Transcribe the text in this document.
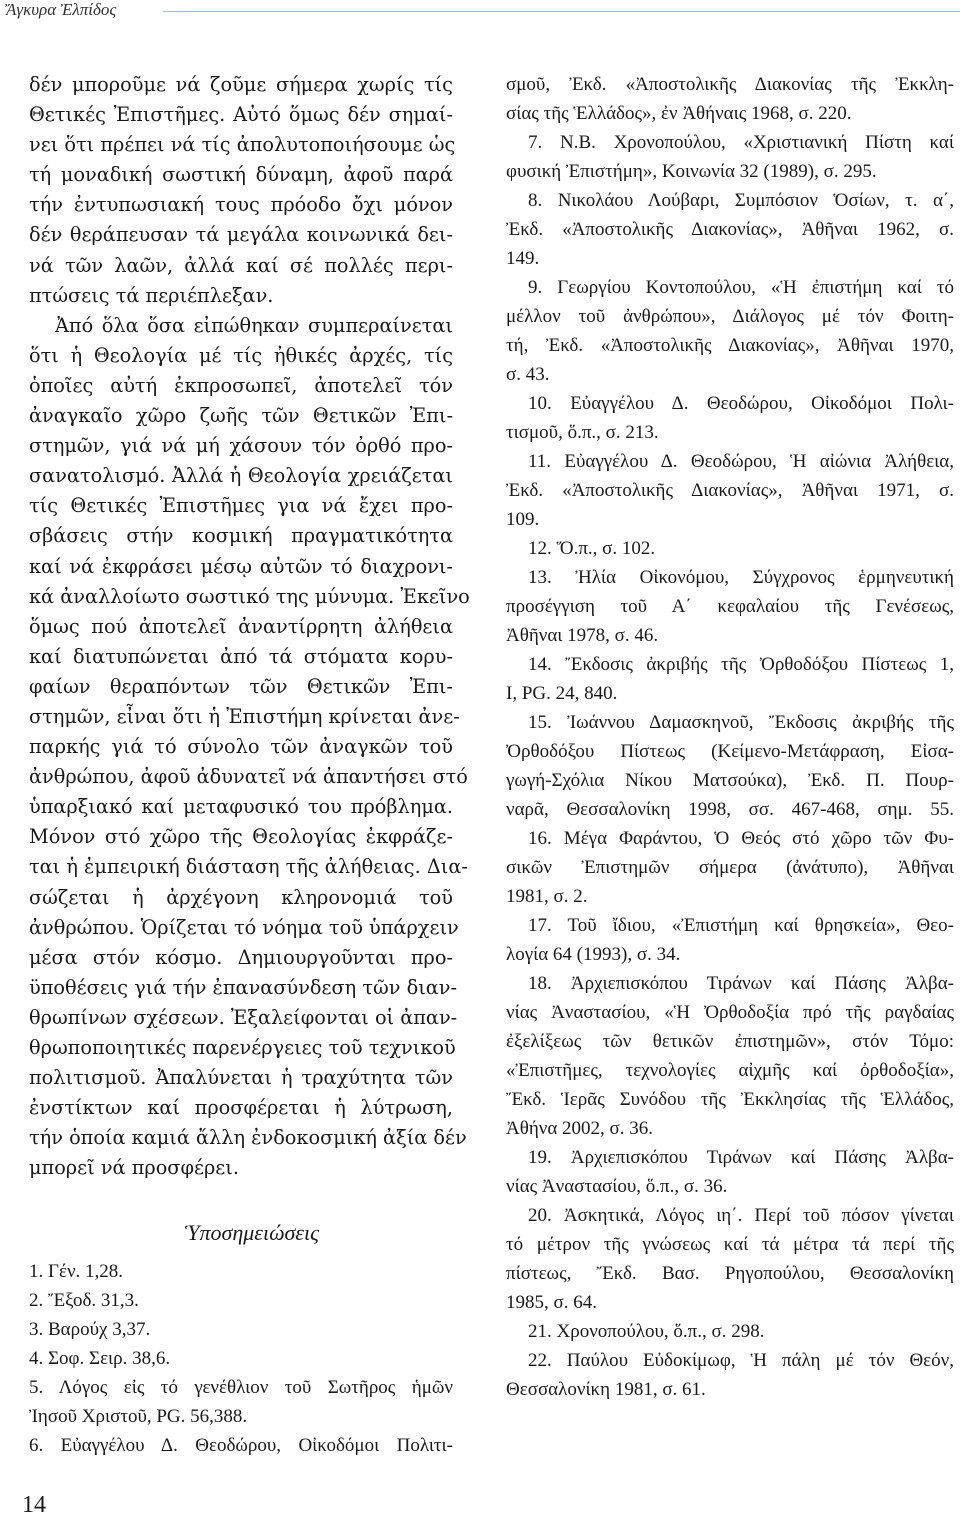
Ἄγκυρα Ἐλπίδος
δέν μποροῦμε νά ζοῦμε σήμερα χωρίς τίς
Θετικές Ἐπιστῆμες. Αὐτό ὅμως δέν σημαί-
νει ὅτι πρέπει νά τίς ἀπολυτοποιήσουμε ὡς
τή μοναδική σωστική δύναμη, ἀφοῦ παρά
τήν ἐντυπωσιακή τους πρόοδο ὄχι μόνον
δέν θεράπευσαν τά μεγάλα κοινωνικά δει-
νά τῶν λαῶν, ἀλλά καί σέ πολλές περι-
πτώσεις τά περιέπλεξαν.
Ἀπό ὅλα ὅσα εἰπώθηκαν συμπεραίνεται
ὅτι ἡ Θεολογία μέ τίς ἠθικές ἀρχές, τίς
ὁποῖες αὐτή ἐκπροσωπεῖ, ἀποτελεῖ τόν
ἀναγκαῖο χῶρο ζωῆς τῶν Θετικῶν Ἐπι-
στημῶν, γιά νά μή χάσουν τόν ὀρθό προ-
σανατολισμό. Ἀλλά ἡ Θεολογία χρειάζεται
τίς Θετικές Ἐπιστῆμες για νά ἔχει προ-
σβάσεις στήν κοσμική πραγματικότητα
καί νά ἐκφράσει μέσῳ αὐτῶν τό διαχρονι-
κά ἀναλλοίωτο σωστικό της μύνυμα. Ἐκεῖνο
ὅμως πού ἀποτελεῖ ἀναντίρρητη ἀλήθεια
καί διατυπώνεται ἀπό τά στόματα κορυ-
φαίων θεραπόντων τῶν Θετικῶν Ἐπι-
στημῶν, εἶναι ὅτι ἡ Ἐπιστήμη κρίνεται ἀνε-
παρκής γιά τό σύνολο τῶν ἀναγκῶν τοῦ
ἀνθρώπου, ἀφοῦ ἀδυνατεῖ νά ἀπαντήσει στό
ὑπαρξιακό καί μεταφυσικό του πρόβλημα.
Μόνον στό χῶρο τῆς Θεολογίας ἐκφράζε-
ται ἡ ἐμπειρική διάσταση τῆς ἀλήθειας. Δια-
σώζεται ἡ ἀρχέγονη κληρονομιά τοῦ
ἀνθρώπου. Ὁρίζεται τό νόημα τοῦ ὑπάρχειν
μέσα στόν κόσμο. Δημιουργοῦνται προ-
ϋποθέσεις γιά τήν ἐπανασύνδεση τῶν διαν-
θρωπίνων σχέσεων. Ἐξαλείφονται οἱ ἀπαν-
θρωποποιητικές παρενέργειες τοῦ τεχνικοῦ
πολιτισμοῦ. Ἀπαλύνεται ἡ τραχύτητα τῶν
ἐνστίκτων καί προσφέρεται ἡ λύτρωση,
τήν ὁποία καμιά ἄλλη ἐνδοκοσμική ἀξία δέν
μπορεῖ νά προσφέρει.
Ὑποσημειώσεις
1. Γέν. 1,28.
2. Ἔξοδ. 31,3.
3. Βαρούχ 3,37.
4. Σοφ. Σειρ. 38,6.
5. Λόγος εἰς τό γενέθλιον τοῦ Σωτῆρος ἡμῶν
Ἰησοῦ Χριστοῦ, PG. 56,388.
6. Εὐαγγέλου Δ. Θεοδώρου, Οἰκοδόμοι Πολιτι-
σμοῦ, Ἐκδ. «Ἀποστολικῆς Διακονίας τῆς Ἐκκλη-
σίας τῆς Ἑλλάδος», ἐν Ἀθήναις 1968, σ. 220.
7. Ν.Β. Χρονοπούλου, «Χριστιανική Πίστη καί
φυσική Ἐπιστήμη», Κοινωνία 32 (1989), σ. 295.
8. Νικολάου Λούβαρι, Συμπόσιον Ὁσίων, τ. α΄,
Ἐκδ. «Ἀποστολικῆς Διακονίας», Ἀθῆναι 1962, σ.
149.
9. Γεωργίου Κοντοπούλου, «Ἡ ἐπιστήμη καί τό
μέλλον τοῦ ἀνθρώπου», Διάλογος μέ τόν Φοιτη-
τή, Ἐκδ. «Ἀποστολικῆς Διακονίας», Ἀθῆναι 1970,
σ. 43.
10. Εὐαγγέλου Δ. Θεοδώρου, Οἰκοδόμοι Πολι-
τισμοῦ, ὅ.π., σ. 213.
11. Εὐαγγέλου Δ. Θεοδώρου, Ἡ αἰώνια Ἀλήθεια,
Ἐκδ. «Ἀποστολικῆς Διακονίας», Ἀθῆναι 1971, σ.
109.
12. Ὅ.π., σ. 102.
13. Ἠλία Οἰκονόμου, Σύγχρονος ἑρμηνευτική
προσέγγιση τοῦ Α΄ κεφαλαίου τῆς Γενέσεως,
Ἀθῆναι 1978, σ. 46.
14. Ἔκδοσις ἀκριβής τῆς Ὀρθοδόξου Πίστεως 1,
I, PG. 24, 840.
15. Ἰωάννου Δαμασκηνοῦ, Ἔκδοσις ἀκριβής τῆς
Ὀρθοδόξου Πίστεως (Κείμενο-Μετάφραση, Εἰσα-
γωγή-Σχόλια Νίκου Ματσούκα), Ἐκδ. Π. Πουρ-
ναρᾶ, Θεσσαλονίκη 1998, σσ. 467-468, σημ. 55.
16. Μέγα Φαράντου, Ὁ Θεός στό χῶρο τῶν Φυ-
σικῶν Ἐπιστημῶν σήμερα (ἀνάτυπο), Ἀθῆναι
1981, σ. 2.
17. Τοῦ ἴδιου, «Ἐπιστήμη καί θρησκεία», Θεο-
λογία 64 (1993), σ. 34.
18. Ἀρχιεπισκόπου Τιράνων καί Πάσης Ἀλβα-
νίας Ἀναστασίου, «Ἡ Ὀρθοδοξία πρό τῆς ραγδαίας
ἐξελίξεως τῶν θετικῶν ἐπιστημῶν», στόν Τόμο:
«Ἐπιστῆμες, τεχνολογίες αἰχμῆς καί ὀρθοδοξία»,
Ἔκδ. Ἱερᾶς Συνόδου τῆς Ἐκκλησίας τῆς Ἑλλάδος,
Ἀθήνα 2002, σ. 36.
19. Ἀρχιεπισκόπου Τιράνων καί Πάσης Ἀλβα-
νίας Ἀναστασίου, ὅ.π., σ. 36.
20. Ἀσκητικά, Λόγος ιη΄. Περί τοῦ πόσον γίνεται
τό μέτρον τῆς γνώσεως καί τά μέτρα τά περί τῆς
πίστεως, Ἔκδ. Βασ. Ρηγοπούλου, Θεσσαλονίκη
1985, σ. 64.
21. Χρονοπούλου, ὅ.π., σ. 298.
22. Παύλου Εὐδοκίμωφ, Ἡ πάλη μέ τόν Θεόν,
Θεσσαλονίκη 1981, σ. 61.
14
